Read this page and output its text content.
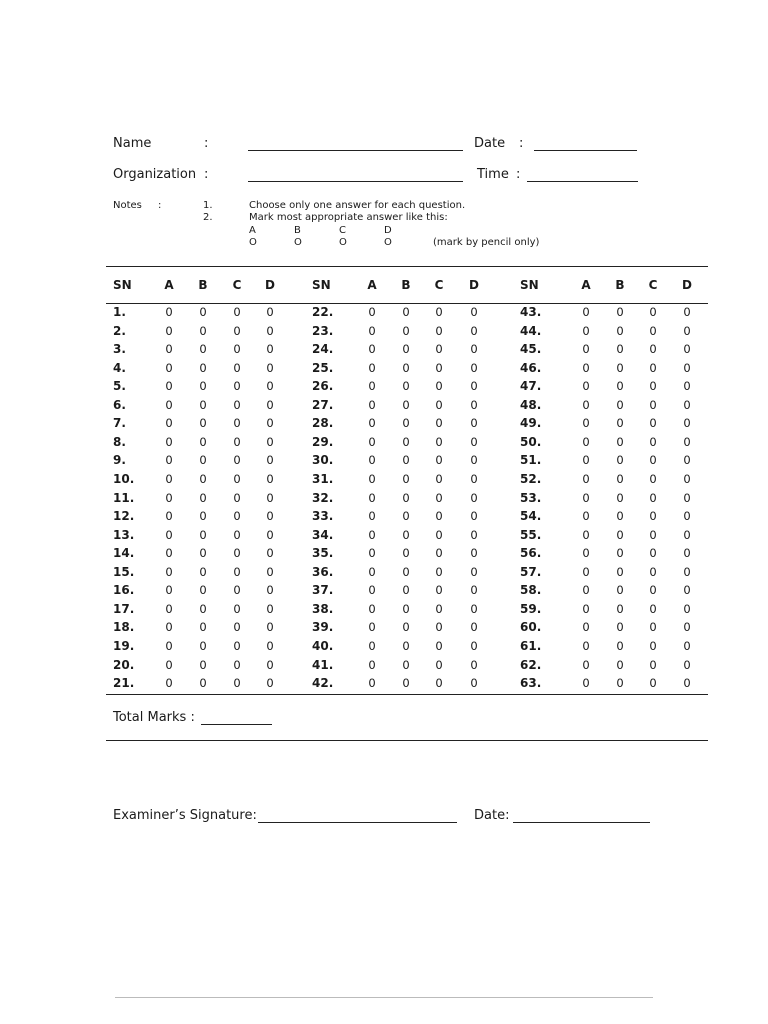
Name	:	Date :
Organization :	Time :
Notes :	1.	Choose only one answer for each question.
2.	Mark most appropriate answer like this:
A	B	C	D
O	O	O	O	(mark by pencil only)
SN	A B C D
1.	0 0 0 0
2.	0 0 0 0
3.	0 0 0 0
4.	0 0 0 0
5.	0 0 0 0
6.	0 0 0 0
7.	0 0 0 0
8.	0 0 0 0
9.	0 0 0 0
10.	0 0 0 0
11.	0 0 0 0
12.	0 0 0 0
13.	0 0 0 0
14.	0 0 0 0
15.	0 0 0 0
16.	0 0 0 0
17.	0 0 0 0
18.	0 0 0 0
19.	0 0 0 0
20.	0 0 0 0
21.	0 0 0 0
SN	A B C D
22.	0 0 0 0
23.	0 0 0 0
24.	0 0 0 0
25.	0 0 0 0
26.	0 0 0 0
27.	0 0 0 0
28.	0 0 0 0
29.	0 0 0 0
30.	0 0 0 0
31.	0 0 0 0
32.	0 0 0 0
33.	0 0 0 0
34.	0 0 0 0
35.	0 0 0 0
36.	0 0 0 0
37.	0 0 0 0
38.	0 0 0 0
39.	0 0 0 0
40.	0 0 0 0
41.	0 0 0 0
42.	0 0 0 0
SN	A B C D
43.	0 0 0 0
44.	0 0 0 0
45.	0 0 0 0
46.	0 0 0 0
47.	0 0 0 0
48.	0 0 0 0
49.	0 0 0 0
50.	0 0 0 0
51.	0 0 0 0
52.	0 0 0 0
53.	0 0 0 0
54.	0 0 0 0
55.	0 0 0 0
56.	0 0 0 0
57.	0 0 0 0
58.	0 0 0 0
59.	0 0 0 0
60.	0 0 0 0
61.	0 0 0 0
62.	0 0 0 0
63.	0 0 0 0
Total Marks :
Examiner’s Signature:	Date:
